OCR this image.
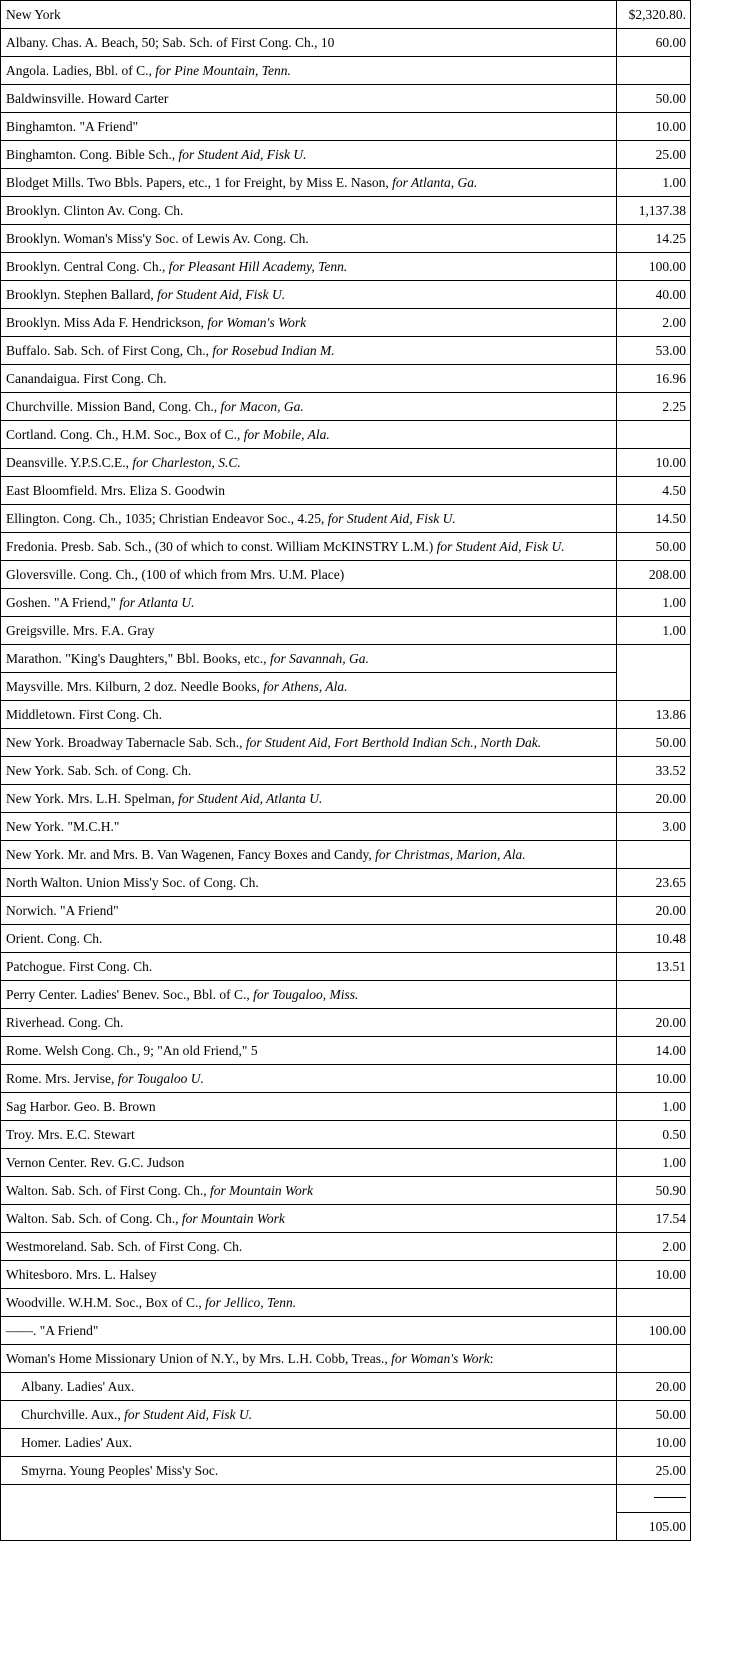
New York	$2,320.80.
Albany. Chas. A. Beach, 50; Sab. Sch. of First Cong. Ch., 10	60.00
Angola. Ladies, Bbl. of C., for Pine Mountain, Tenn.	
Baldwinsville. Howard Carter	50.00
Binghamton. "A Friend"	10.00
Binghamton. Cong. Bible Sch., for Student Aid, Fisk U.	25.00
Blodget Mills. Two Bbls. Papers, etc., 1 for Freight, by Miss E. Nason, for Atlanta, Ga.	1.00
Brooklyn. Clinton Av. Cong. Ch.	1,137.38
Brooklyn. Woman's Miss'y Soc. of Lewis Av. Cong. Ch.	14.25
Brooklyn. Central Cong. Ch., for Pleasant Hill Academy, Tenn.	100.00
Brooklyn. Stephen Ballard, for Student Aid, Fisk U.	40.00
Brooklyn. Miss Ada F. Hendrickson, for Woman's Work	2.00
Buffalo. Sab. Sch. of First Cong, Ch., for Rosebud Indian M.	53.00
Canandaigua. First Cong. Ch.	16.96
Churchville. Mission Band, Cong. Ch., for Macon, Ga.	2.25
Cortland. Cong. Ch., H.M. Soc., Box of C., for Mobile, Ala.	
Deansville. Y.P.S.C.E., for Charleston, S.C.	10.00
East Bloomfield. Mrs. Eliza S. Goodwin	4.50
Ellington. Cong. Ch., 1035; Christian Endeavor Soc., 4.25, for Student Aid, Fisk U.	14.50
Fredonia. Presb. Sab. Sch., (30 of which to const. William McKINSTRY L.M.) for Student Aid, Fisk U.	50.00
Gloversville. Cong. Ch., (100 of which from Mrs. U.M. Place)	208.00
Goshen. "A Friend," for Atlanta U.	1.00
Greigsville. Mrs. F.A. Gray	1.00
Marathon. "King's Daughters," Bbl. Books, etc., for Savannah, Ga.	
Maysville. Mrs. Kilburn, 2 doz. Needle Books, for Athens, Ala.	
Middletown. First Cong. Ch.	13.86
New York. Broadway Tabernacle Sab. Sch., for Student Aid, Fort Berthold Indian Sch., North Dak.	50.00
New York. Sab. Sch. of Cong. Ch.	33.52
New York. Mrs. L.H. Spelman, for Student Aid, Atlanta U.	20.00
New York. "M.C.H."	3.00
New York. Mr. and Mrs. B. Van Wagenen, Fancy Boxes and Candy, for Christmas, Marion, Ala.	
North Walton. Union Miss'y Soc. of Cong. Ch.	23.65
Norwich. "A Friend"	20.00
Orient. Cong. Ch.	10.48
Patchogue. First Cong. Ch.	13.51
Perry Center. Ladies' Benev. Soc., Bbl. of C., for Tougaloo, Miss.	
Riverhead. Cong. Ch.	20.00
Rome. Welsh Cong. Ch., 9; "An old Friend," 5	14.00
Rome. Mrs. Jervise, for Tougaloo U.	10.00
Sag Harbor. Geo. B. Brown	1.00
Troy. Mrs. E.C. Stewart	0.50
Vernon Center. Rev. G.C. Judson	1.00
Walton. Sab. Sch. of First Cong. Ch., for Mountain Work	50.90
Walton. Sab. Sch. of Cong. Ch., for Mountain Work	17.54
Westmoreland. Sab. Sch. of First Cong. Ch.	2.00
Whitesboro. Mrs. L. Halsey	10.00
Woodville. W.H.M. Soc., Box of C., for Jellico, Tenn.	
——. "A Friend"	100.00
Woman's Home Missionary Union of N.Y., by Mrs. L.H. Cobb, Treas., for Woman's Work:	
Albany. Ladies' Aux.	20.00
Churchville. Aux., for Student Aid, Fisk U.	50.00
Homer. Ladies' Aux.	10.00
Smyrna. Young Peoples' Miss'y Soc.	25.00

	105.00
